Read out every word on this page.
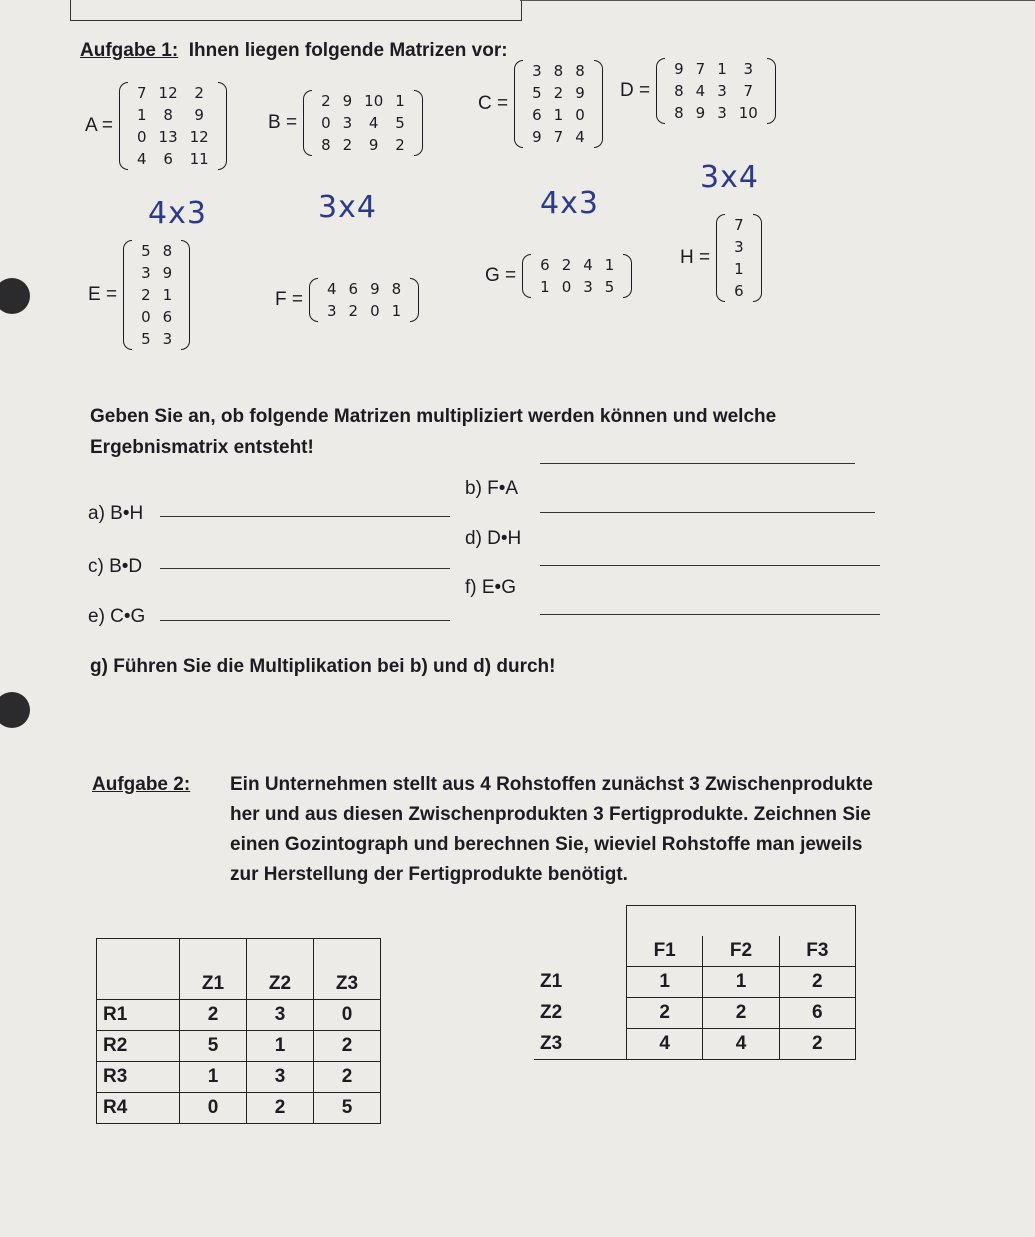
Aufgabe 1: Ihnen liegen folgende Matrizen vor:
A =
7	12	2
1	8	9
0	13	12
4	6	11
B =
2	9	10	1
0	3	4	5
8	2	9	2
C =
3	8	8
5	2	9
6	1	0
9	7	4
D =
9	7	1	3
8	4	3	7
8	9	3	10
4x3	3x4	4x3
3x4
E =
5	8
3	9
2	1
0	6
5	3
F = 4	6	9	8
3	2	0	1
G = 6	2	4	1
1	0	3	5
H =
7
3
1
6
Geben Sie an, ob folgende Matrizen multipliziert werden können und welche
Ergebnismatrix entsteht!
a) B•H
b) F•A
c) B•D
d) D•H
e) C•G
f) E•G
g) Führen Sie die Multiplikation bei b) und d) durch!
Aufgabe 2: Ein Unternehmen stellt aus 4 Rohstoffen zunächst 3 Zwischenprodukte
her und aus diesen Zwischenprodukten 3 Fertigprodukte. Zeichnen Sie
einen Gozintograph und berechnen Sie, wieviel Rohstoffe man jeweils
zur Herstellung der Fertigprodukte benötigt.

	Z1	Z2	Z3
R1	2	3	0
R2	5	1	2
R3	1	3	2
R4	0	2	5

	F1	F2	F3
Z1	1	1	2
Z2	2	2	6
Z3	4	4	2
